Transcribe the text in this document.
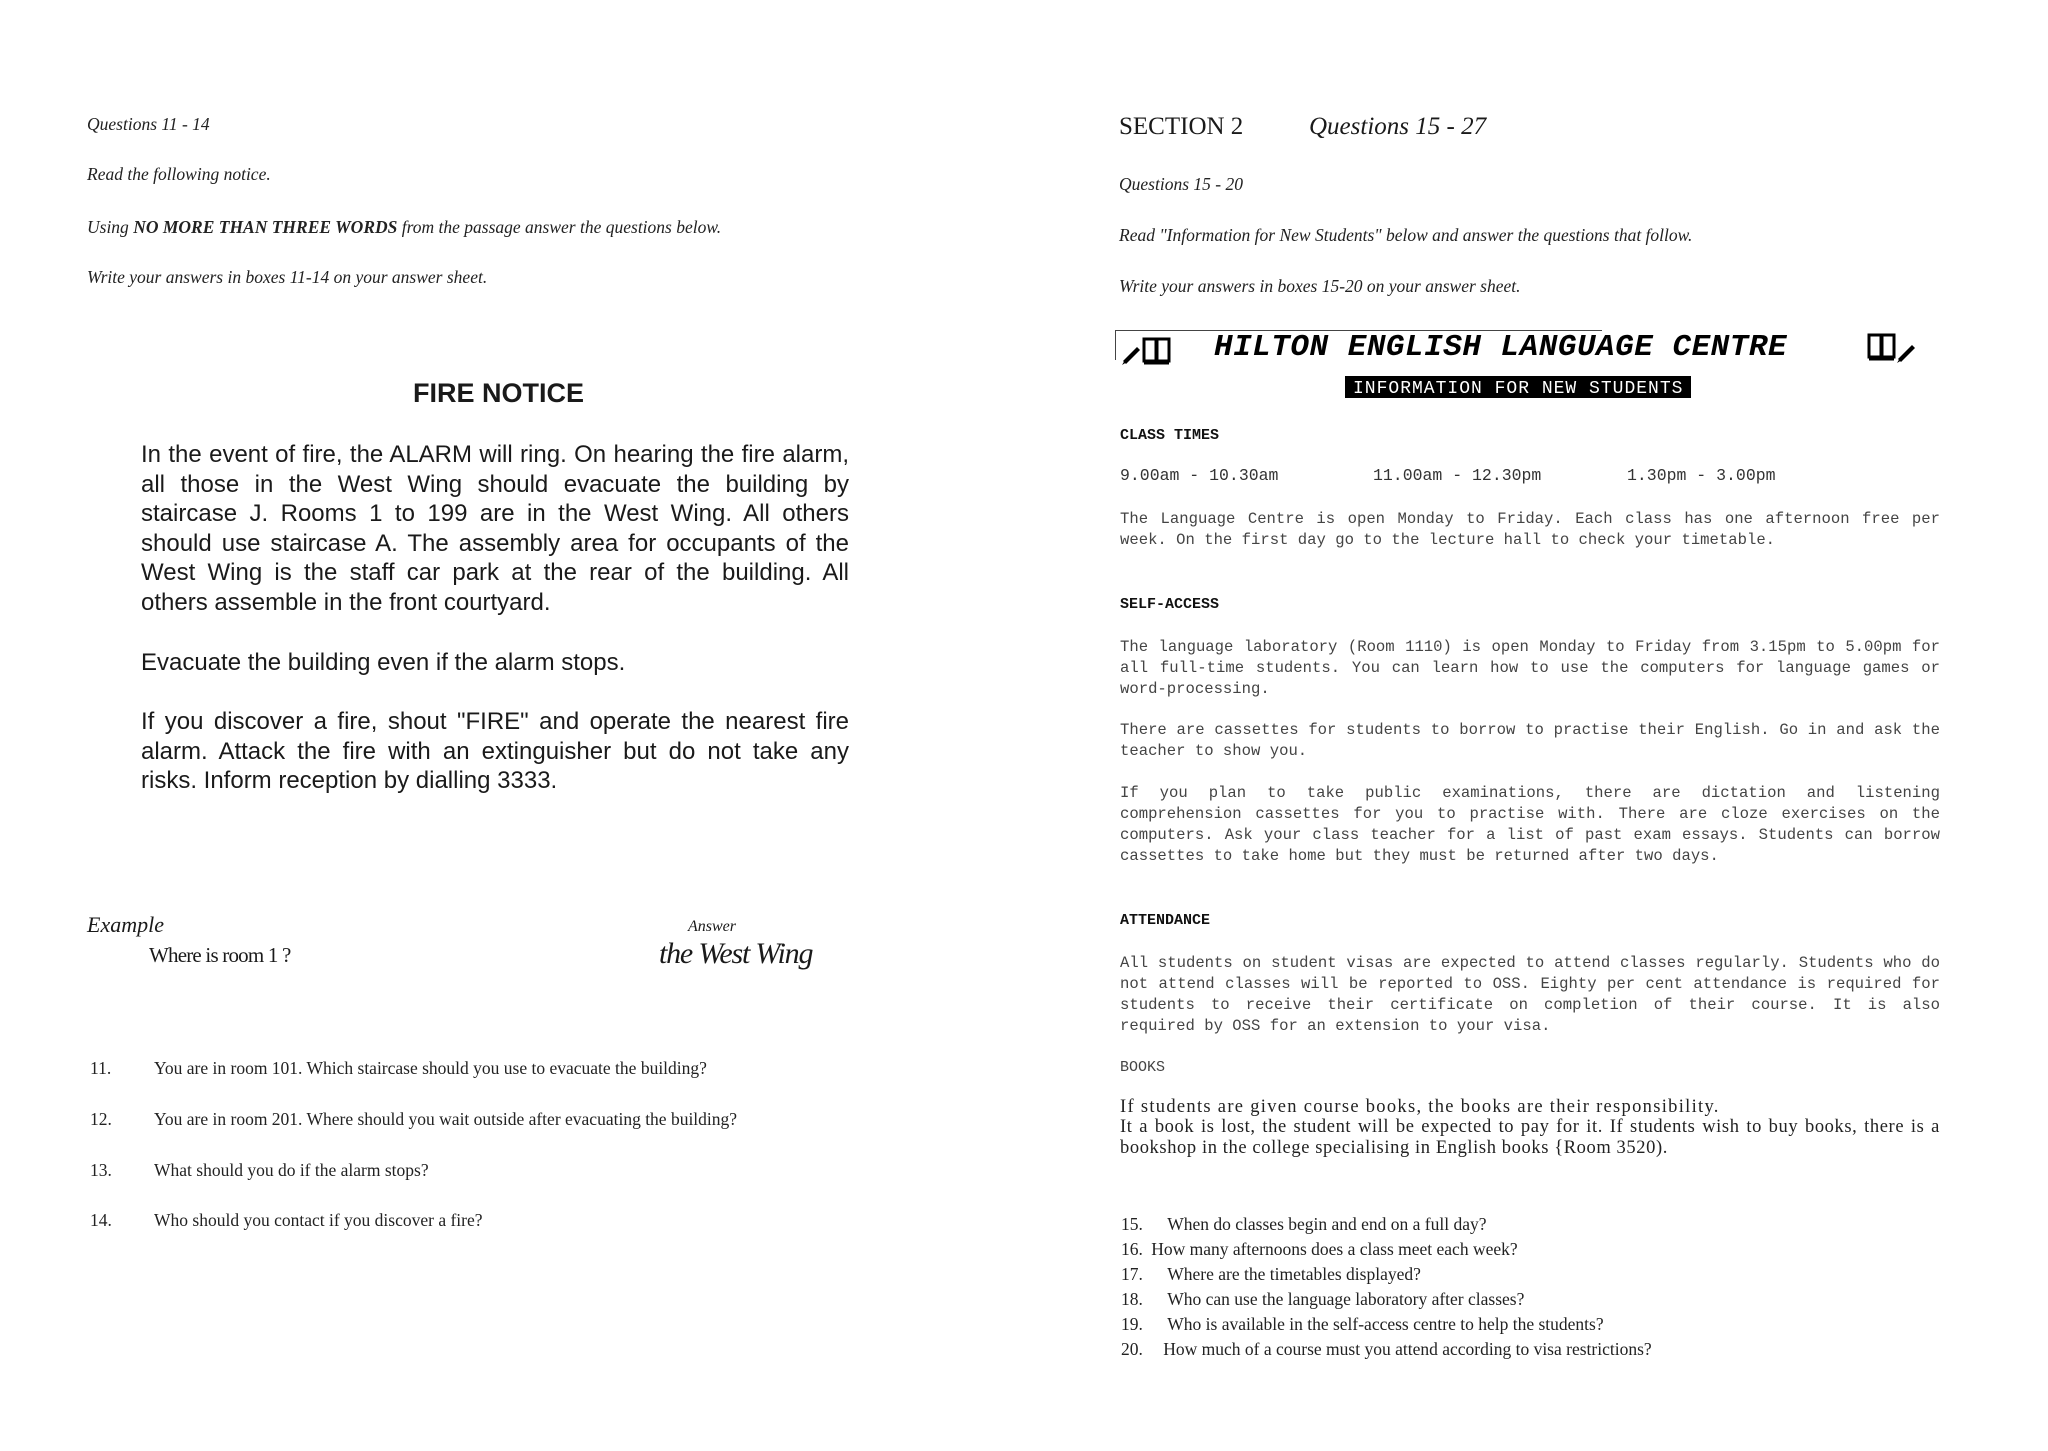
Questions 11 - 14
Read the following notice.
Using NO MORE THAN THREE WORDS from the passage answer the questions below.
Write your answers in boxes 11-14 on your answer sheet.
FIRE NOTICE
In the event of fire, the ALARM will ring. On hearing the fire alarm, all those in the West Wing should evacuate the building by staircase J. Rooms 1 to 199 are in the West Wing. All others should use staircase A. The assembly area for occupants of the West Wing is the staff car park at the rear of the building. All others assemble in the front courtyard.
Evacuate the building even if the alarm stops.
If you discover a fire, shout "FIRE" and operate the nearest fire alarm. Attack the fire with an extinguisher but do not take any risks. Inform reception by dialling 3333.
Example
Where is room 1 ?
Answer
the West Wing
11. You are in room 101. Which staircase should you use to evacuate the building?
12. You are in room 201. Where should you wait outside after evacuating the building?
13. What should you do if the alarm stops?
14. Who should you contact if you discover a fire?
SECTION 2	Questions 15 - 27
Questions 15 - 20
Read "Information for New Students" below and answer the questions that follow.
Write your answers in boxes 15-20 on your answer sheet.
HILTON ENGLISH LANGUAGE CENTRE
INFORMATION FOR NEW STUDENTS
CLASS TIMES
9.00am - 10.30am	11.00am - 12.30pm	1.30pm - 3.00pm
The Language Centre is open Monday to Friday. Each class has one afternoon free per week. On the first day go to the lecture hall to check your timetable.
SELF-ACCESS
The language laboratory (Room 1110) is open Monday to Friday from 3.15pm to 5.00pm for all full-time students. You can learn how to use the computers for language games or word-processing.
There are cassettes for students to borrow to practise their English. Go in and ask the teacher to show you.
If you plan to take public examinations, there are dictation and listening comprehension cassettes for you to practise with. There are cloze exercises on the computers. Ask your class teacher for a list of past exam essays. Students can borrow cassettes to take home but they must be returned after two days.
ATTENDANCE
All students on student visas are expected to attend classes regularly. Students who do not attend classes will be reported to OSS. Eighty per cent attendance is required for students to receive their certificate on completion of their course. It is also required by OSS for an extension to your visa.
BOOKS
If students are given course books, the books are their responsibility.
It a book is lost, the student will be expected to pay for it. If students wish to buy books, there is a bookshop in the college specialising in English books {Room 3520).
15. When do classes begin and end on a full day?
16. How many afternoons does a class meet each week?
17. Where are the timetables displayed?
18. Who can use the language laboratory after classes?
19. Who is available in the self-access centre to help the students?
20. How much of a course must you attend according to visa restrictions?
